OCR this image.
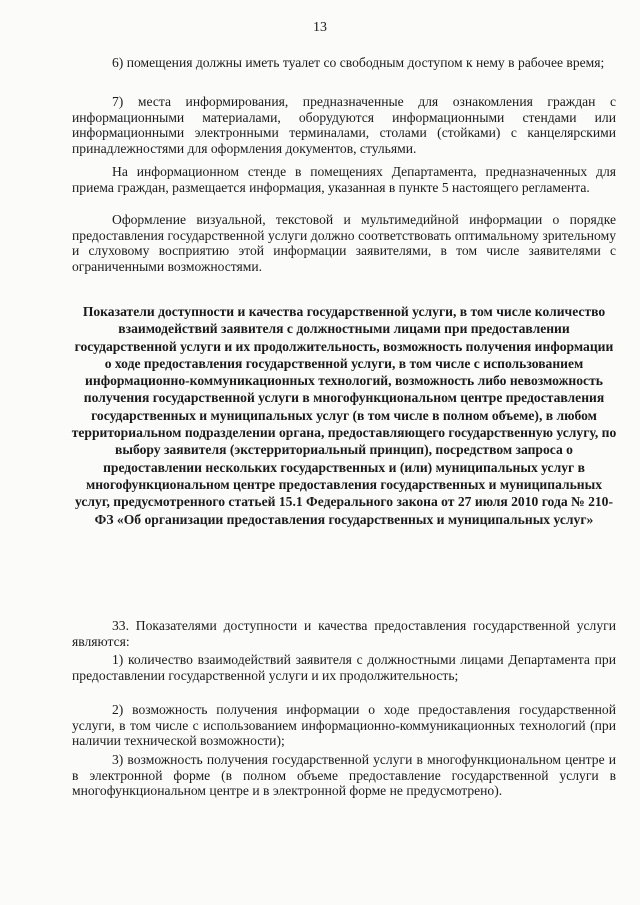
13

6) помещения должны иметь туалет со свободным доступом к нему в рабочее время;

7) места информирования, предназначенные для ознакомления граждан с информационными материалами, оборудуются информационными стендами или информационными электронными терминалами, столами (стойками) с канцелярскими принадлежностями для оформления документов, стульями.

На информационном стенде в помещениях Департамента, предназначенных для приема граждан, размещается информация, указанная в пункте 5 настоящего регламента.

Оформление визуальной, текстовой и мультимедийной информации о порядке предоставления государственной услуги должно соответствовать оптимальному зрительному и слуховому восприятию этой информации заявителями, в том числе заявителями с ограниченными возможностями.

Показатели доступности и качества государственной услуги, в том числе количество взаимодействий заявителя с должностными лицами при предоставлении государственной услуги и их продолжительность, возможность получения информации о ходе предоставления государственной услуги, в том числе с использованием информационно-коммуникационных технологий, возможность либо невозможность получения государственной услуги в многофункциональном центре предоставления государственных и муниципальных услуг (в том числе в полном объеме), в любом территориальном подразделении органа, предоставляющего государственную услугу, по выбору заявителя (экстерриториальный принцип), посредством запроса о предоставлении нескольких государственных и (или) муниципальных услуг в многофункциональном центре предоставления государственных и муниципальных услуг, предусмотренного статьей 15.1 Федерального закона от 27 июля 2010 года № 210-ФЗ «Об организации предоставления государственных и муниципальных услуг»

33. Показателями доступности и качества предоставления государственной услуги являются:

1) количество взаимодействий заявителя с должностными лицами Департамента при предоставлении государственной услуги и их продолжительность;

2) возможность получения информации о ходе предоставления государственной услуги, в том числе с использованием информационно-коммуникационных технологий (при наличии технической возможности);

3) возможность получения государственной услуги в многофункциональном центре и в электронной форме (в полном объеме предоставление государственной услуги в многофункциональном центре и в электронной форме не предусмотрено).
